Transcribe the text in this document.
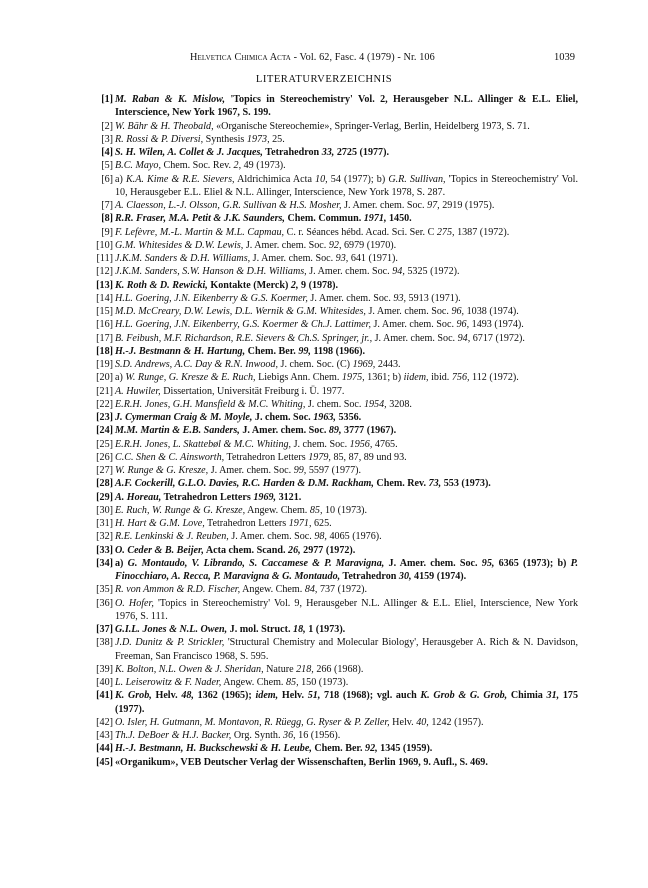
Helvetica Chimica Acta - Vol. 62, Fasc. 4 (1979) - Nr. 106	1039
LITERATURVERZEICHNIS
[1] M. Raban & K. Mislow, 'Topics in Stereochemistry' Vol. 2, Herausgeber N.L. Allinger & E.L. Eliel, Interscience, New York 1967, S. 199.
[2] W. Bähr & H. Theobald, «Organische Stereochemie», Springer-Verlag, Berlin, Heidelberg 1973, S. 71.
[3] R. Rossi & P. Diversi, Synthesis 1973, 25.
[4] S. H. Wilen, A. Collet & J. Jacques, Tetrahedron 33, 2725 (1977).
[5] B.C. Mayo, Chem. Soc. Rev. 2, 49 (1973).
[6] a) K.A. Kime & R.E. Sievers, Aldrichimica Acta 10, 54 (1977); b) G.R. Sullivan, 'Topics in Stereochemistry' Vol. 10, Herausgeber E.L. Eliel & N.L. Allinger, Interscience, New York 1978, S. 287.
[7] A. Claesson, L.-J. Olsson, G.R. Sullivan & H.S. Mosher, J. Amer. chem. Soc. 97, 2919 (1975).
[8] R.R. Fraser, M.A. Petit & J.K. Saunders, Chem. Commun. 1971, 1450.
[9] F. Lefèvre, M.-L. Martin & M.L. Capmau, C. r. Séances hébd. Acad. Sci. Ser. C 275, 1387 (1972).
[10] G.M. Whitesides & D.W. Lewis, J. Amer. chem. Soc. 92, 6979 (1970).
[11] J.K.M. Sanders & D.H. Williams, J. Amer. chem. Soc. 93, 641 (1971).
[12] J.K.M. Sanders, S.W. Hanson & D.H. Williams, J. Amer. chem. Soc. 94, 5325 (1972).
[13] K. Roth & D. Rewicki, Kontakte (Merck) 2, 9 (1978).
[14] H.L. Goering, J.N. Eikenberry & G.S. Koermer, J. Amer. chem. Soc. 93, 5913 (1971).
[15] M.D. McCreary, D.W. Lewis, D.L. Wernik & G.M. Whitesides, J. Amer. chem. Soc. 96, 1038 (1974).
[16] H.L. Goering, J.N. Eikenberry, G.S. Koermer & Ch.J. Lattimer, J. Amer. chem. Soc. 96, 1493 (1974).
[17] B. Feibush, M.F. Richardson, R.E. Sievers & Ch.S. Springer, jr., J. Amer. chem. Soc. 94, 6717 (1972).
[18] H.-J. Bestmann & H. Hartung, Chem. Ber. 99, 1198 (1966).
[19] S.D. Andrews, A.C. Day & R.N. Inwood, J. chem. Soc. (C) 1969, 2443.
[20] a) W. Runge, G. Kresze & E. Ruch, Liebigs Ann. Chem. 1975, 1361; b) iidem, ibid. 756, 112 (1972).
[21] A. Huwiler, Dissertation, Universität Freiburg i. Ü. 1977.
[22] E.R.H. Jones, G.H. Mansfield & M.C. Whiting, J. chem. Soc. 1954, 3208.
[23] J. Cymerman Craig & M. Moyle, J. chem. Soc. 1963, 5356.
[24] M.M. Martin & E.B. Sanders, J. Amer. chem. Soc. 89, 3777 (1967).
[25] E.R.H. Jones, L. Skattebøl & M.C. Whiting, J. chem. Soc. 1956, 4765.
[26] C.C. Shen & C. Ainsworth, Tetrahedron Letters 1979, 85, 87, 89 und 93.
[27] W. Runge & G. Kresze, J. Amer. chem. Soc. 99, 5597 (1977).
[28] A.F. Cockerill, G.L.O. Davies, R.C. Harden & D.M. Rackham, Chem. Rev. 73, 553 (1973).
[29] A. Horeau, Tetrahedron Letters 1969, 3121.
[30] E. Ruch, W. Runge & G. Kresze, Angew. Chem. 85, 10 (1973).
[31] H. Hart & G.M. Love, Tetrahedron Letters 1971, 625.
[32] R.E. Lenkinski & J. Reuben, J. Amer. chem. Soc. 98, 4065 (1976).
[33] O. Ceder & B. Beijer, Acta chem. Scand. 26, 2977 (1972).
[34] a) G. Montaudo, V. Librando, S. Caccamese & P. Maravigna, J. Amer. chem. Soc. 95, 6365 (1973); b) P. Finocchiaro, A. Recca, P. Maravigna & G. Montaudo, Tetrahedron 30, 4159 (1974).
[35] R. von Ammon & R.D. Fischer, Angew. Chem. 84, 737 (1972).
[36] O. Hofer, 'Topics in Stereochemistry' Vol. 9, Herausgeber N.L. Allinger & E.L. Eliel, Interscience, New York 1976, S. 111.
[37] G.I.L. Jones & N.L. Owen, J. mol. Struct. 18, 1 (1973).
[38] J.D. Dunitz & P. Strickler, 'Structural Chemistry and Molecular Biology', Herausgeber A. Rich & N. Davidson, Freeman, San Francisco 1968, S. 595.
[39] K. Bolton, N.L. Owen & J. Sheridan, Nature 218, 266 (1968).
[40] L. Leiserowitz & F. Nader, Angew. Chem. 85, 150 (1973).
[41] K. Grob, Helv. 48, 1362 (1965); idem, Helv. 51, 718 (1968); vgl. auch K. Grob & G. Grob, Chimia 31, 175 (1977).
[42] O. Isler, H. Gutmann, M. Montavon, R. Rüegg, G. Ryser & P. Zeller, Helv. 40, 1242 (1957).
[43] Th.J. DeBoer & H.J. Backer, Org. Synth. 36, 16 (1956).
[44] H.-J. Bestmann, H. Buckschewski & H. Leube, Chem. Ber. 92, 1345 (1959).
[45] «Organikum», VEB Deutscher Verlag der Wissenschaften, Berlin 1969, 9. Aufl., S. 469.
